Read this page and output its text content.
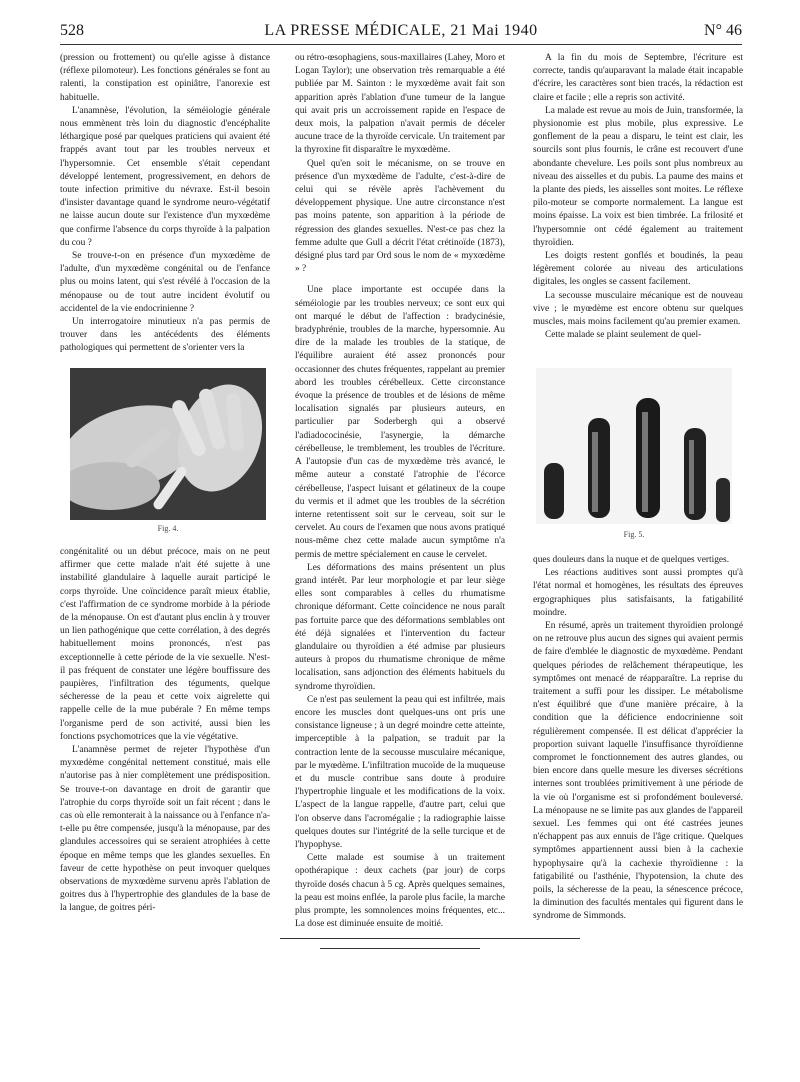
528	LA PRESSE MÉDICALE, 21 Mai 1940	N° 46

(pression ou frottement) ou qu'elle agisse à distance (réflexe pilomoteur). Les fonctions générales se font au ralenti, la constipation est opiniâtre, l'anorexie est habituelle.

L'anamnèse, l'évolution, la séméiologie générale nous emmènent très loin du diagnostic d'encéphalite léthargique posé par quelques praticiens qui avaient été frappés avant tout par les troubles nerveux et l'hypersomnie. Cet ensemble s'était cependant développé lentement, progressivement, en dehors de toute infection primitive du névraxe. Est-il besoin d'insister davantage quand le syndrome neuro-végétatif ne laisse aucun doute sur l'existence d'un myxœdème que confirme l'absence du corps thyroïde à la palpation du cou ?

Se trouve-t-on en présence d'un myxœdème de l'adulte, d'un myxœdème congénital ou de l'enfance plus ou moins latent, qui s'est révélé à l'occasion de la ménopause ou de tout autre incident évolutif ou accidentel de la vie endocrinienne ?

Un interrogatoire minutieux n'a pas permis de trouver dans les antécédents des éléments pathologiques qui permettent de s'orienter vers la

Fig. 4.

congénitalité ou un début précoce, mais on ne peut affirmer que cette malade n'ait été sujette à une instabilité glandulaire à laquelle aurait participé le corps thyroïde. Une coïncidence paraît mieux établie, c'est l'affirmation de ce syndrome morbide à la période de la ménopause. On est d'autant plus enclin à y trouver un lien pathogénique que cette corrélation, à des degrés habituellement moins prononcés, n'est pas exceptionnelle à cette période de la vie sexuelle. N'est-il pas fréquent de constater une légère bouffissure des paupières, l'infiltration des téguments, quelque sécheresse de la peau et cette voix aigrelette qui rappelle celle de la mue pubérale ? En même temps l'organisme perd de son activité, aussi bien les fonctions psychomotrices que la vie végétative.

L'anamnèse permet de rejeter l'hypothèse d'un myxœdème congénital nettement constitué, mais elle n'autorise pas à nier complètement une prédisposition. Se trouve-t-on davantage en droit de garantir que l'atrophie du corps thyroïde soit un fait récent ; dans le cas où elle remonterait à la naissance ou à l'enfance n'a-t-elle pu être compensée, jusqu'à la ménopause, par des glandules accessoires qui se seraient atrophiées à cette époque en même temps que les glandes sexuelles. En faveur de cette hypothèse on peut invoquer quelques observations de myxœdème survenu après l'ablation de goitres dus à l'hypertrophie des glandules de la base de la langue, de goitres péri-

ou rétro-œsophagiens, sous-maxillaires (Lahey, Moro et Logan Taylor); une observation très remarquable a été publiée par M. Sainton : le myxœdème avait fait son apparition après l'ablation d'une tumeur de la langue qui avait pris un accroissement rapide en l'espace de deux mois, la palpation n'avait permis de déceler aucune trace de la thyroïde cervicale. Un traitement par la thyroxine fit disparaître le myxœdème.

Quel qu'en soit le mécanisme, on se trouve en présence d'un myxœdème de l'adulte, c'est-à-dire de celui qui se révèle après l'achèvement du développement physique. Une autre circonstance n'est pas moins patente, son apparition à la période de régression des glandes sexuelles. N'est-ce pas chez la femme adulte que Gull a décrit l'état crétinoïde (1873), désigné plus tard par Ord sous le nom de « myxœdème » ?

Une place importante est occupée dans la séméiologie par les troubles nerveux; ce sont eux qui ont marqué le début de l'affection : bradycinésie, bradyphrénie, troubles de la marche, hypersomnie. Au dire de la malade les troubles de la statique, de l'équilibre auraient été assez prononcés pour occasionner des chutes fréquentes, rappelant au premier abord les troubles cérébelleux. Cette circonstance évoque la présence de troubles et de lésions de même localisation signalés par plusieurs auteurs, en particulier par Soderbergh qui a observé l'adiadococinésie, l'asynergie, la démarche cérébelleuse, le tremblement, les troubles de l'écriture. A l'autopsie d'un cas de myxœdème très avancé, le même auteur a constaté l'atrophie de l'écorce cérébelleuse, l'aspect luisant et gélatineux de la coupe du vermis et il admet que les troubles de la sécrétion interne retentissent soit sur le cerveau, soit sur le cervelet. Au cours de l'examen que nous avons pratiqué nous-même chez cette malade aucun symptôme n'a permis de mettre spécialement en cause le cervelet.

Les déformations des mains présentent un plus grand intérêt. Par leur morphologie et par leur siège elles sont comparables à celles du rhumatisme chronique déformant. Cette coïncidence ne nous paraît pas fortuite parce que des déformations semblables ont été déjà signalées et l'intervention du facteur glandulaire ou thyroïdien a été admise par plusieurs auteurs à propos du rhumatisme chronique de même localisation, sans adjonction des éléments habituels du syndrome thyroïdien.

Ce n'est pas seulement la peau qui est infiltrée, mais encore les muscles dont quelques-uns ont pris une consistance ligneuse ; à un degré moindre cette atteinte, imperceptible à la palpation, se traduit par la contraction lente de la secousse musculaire mécanique, par le myœdème. L'infiltration mucoïde de la muqueuse et du muscle contribue sans doute à produire l'hypertrophie linguale et les modifications de la voix. L'aspect de la langue rappelle, d'autre part, celui que l'on observe dans l'acromégalie ; la radiographie laisse quelques doutes sur l'intégrité de la selle turcique et de l'hypophyse.

Cette malade est soumise à un traitement opothérapique : deux cachets (par jour) de corps thyroïde dosés chacun à 5 cg. Après quelques semaines, la peau est moins enflée, la parole plus facile, la marche plus prompte, les somnolences moins fréquentes, etc... La dose est diminuée ensuite de moitié.

A la fin du mois de Septembre, l'écriture est correcte, tandis qu'auparavant la malade était incapable d'écrire, les caractères sont bien tracés, la rédaction est claire et facile ; elle a repris son activité.

La malade est revue au mois de Juin, transformée, la physionomie est plus mobile, plus expressive. Le gonflement de la peau a disparu, le teint est clair, les sourcils sont plus fournis, le crâne est recouvert d'une abondante chevelure. Les poils sont plus nombreux au niveau des aisselles et du pubis. La paume des mains et la plante des pieds, les aisselles sont moites. Le réflexe pilo-moteur se comporte normalement. La langue est moins épaisse. La voix est bien timbrée. La frilosité et l'hypersomnie ont cédé également au traitement thyroïdien.

Les doigts restent gonflés et boudinés, la peau légèrement colorée au niveau des articulations digitales, les ongles se cassent facilement.

La secousse musculaire mécanique est de nouveau vive ; le myœdème est encore obtenu sur quelques muscles, mais moins facilement qu'au premier examen.

Cette malade se plaint seulement de quel-

Fig. 5.

ques douleurs dans la nuque et de quelques vertiges.

Les réactions auditives sont aussi promptes qu'à l'état normal et homogènes, les résultats des épreuves ergographiques plus satisfaisants, la fatigabilité moindre.

En résumé, après un traitement thyroïdien prolongé on ne retrouve plus aucun des signes qui avaient permis de faire d'emblée le diagnostic de myxœdème. Pendant quelques périodes de relâchement thérapeutique, les symptômes ont menacé de réapparaître. La reprise du traitement a suffi pour les dissiper. Le métabolisme n'est équilibré que d'une manière précaire, à la condition que la déficience endocrinienne soit régulièrement compensée. Il est délicat d'apprécier la proportion suivant laquelle l'insuffisance thyroïdienne compromet le fonctionnement des autres glandes, ou bien encore dans quelle mesure les diverses sécrétions internes sont troublées primitivement à une période de la vie où l'organisme est si profondément bouleversé. La ménopause ne se limite pas aux glandes de l'appareil sexuel. Les femmes qui ont été castrées jeunes n'échappent pas aux ennuis de l'âge critique. Quelques symptômes appartiennent aussi bien à la cachexie hypophysaire qu'à la cachexie thyroïdienne : la fatigabilité ou l'asthénie, l'hypotension, la chute des poils, la sécheresse de la peau, la sénescence précoce, la diminution des facultés mentales qui figurent dans le syndrome de Simmonds.
